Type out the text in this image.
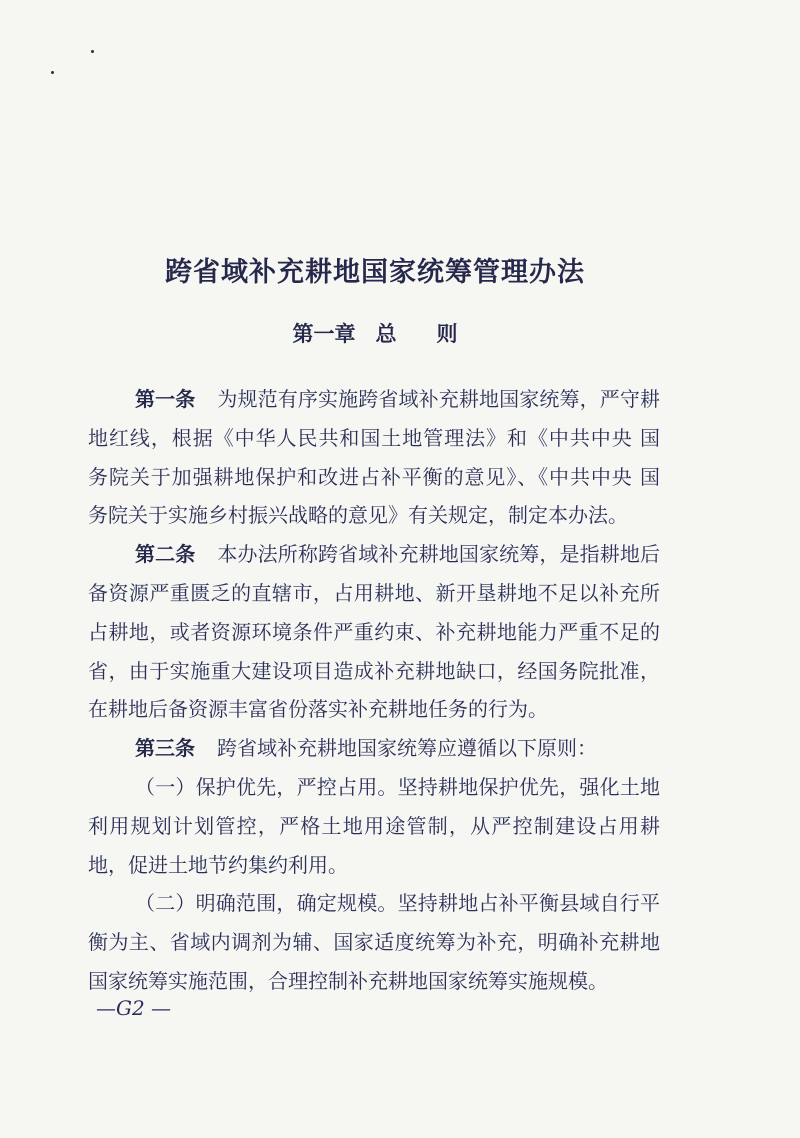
跨省域补充耕地国家统筹管理办法
第一章 总 则
第一条 为规范有序实施跨省域补充耕地国家统筹，严守耕
地红线，根据《中华人民共和国土地管理法》和《中共中央 国
务院关于加强耕地保护和改进占补平衡的意见》、《中共中央 国
务院关于实施乡村振兴战略的意见》有关规定，制定本办法。
第二条 本办法所称跨省域补充耕地国家统筹，是指耕地后
备资源严重匮乏的直辖市，占用耕地、新开垦耕地不足以补充所
占耕地，或者资源环境条件严重约束、补充耕地能力严重不足的
省，由于实施重大建设项目造成补充耕地缺口，经国务院批准，
在耕地后备资源丰富省份落实补充耕地任务的行为。
第三条 跨省域补充耕地国家统筹应遵循以下原则：
（一）保护优先，严控占用。坚持耕地保护优先，强化土地
利用规划计划管控，严格土地用途管制，从严控制建设占用耕
地，促进土地节约集约利用。
（二）明确范围，确定规模。坚持耕地占补平衡县域自行平
衡为主、省域内调剂为辅、国家适度统筹为补充，明确补充耕地
国家统筹实施范围，合理控制补充耕地国家统筹实施规模。
—G2 —
